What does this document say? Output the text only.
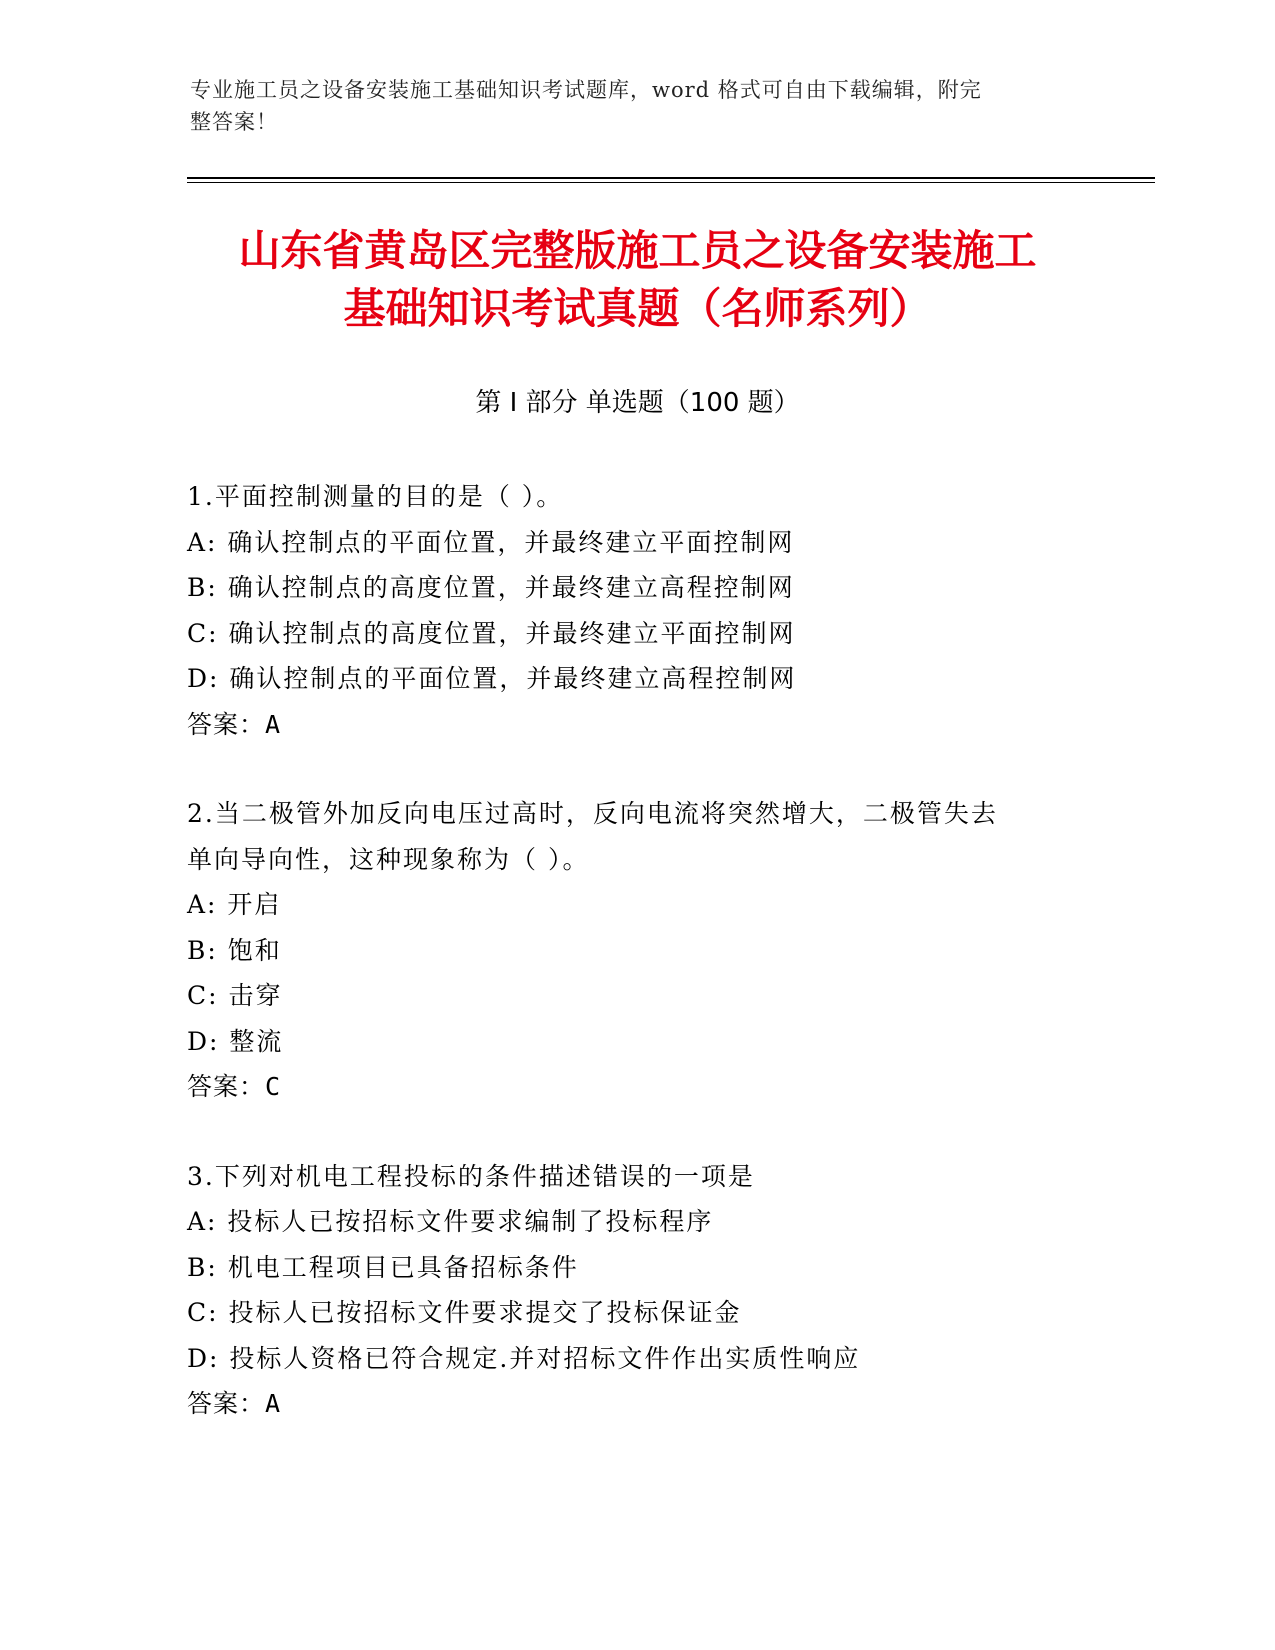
专业施工员之设备安装施工基础知识考试题库，word 格式可自由下载编辑，附完
整答案！
山东省黄岛区完整版施工员之设备安装施工
基础知识考试真题（名师系列）
第 I 部分 单选题（100 题）
1.平面控制测量的目的是（ ）。
A: 确认控制点的平面位置，并最终建立平面控制网
B: 确认控制点的高度位置，并最终建立高程控制网
C: 确认控制点的高度位置，并最终建立平面控制网
D: 确认控制点的平面位置，并最终建立高程控制网
答案：A
2.当二极管外加反向电压过高时，反向电流将突然增大，二极管失去
单向导向性，这种现象称为（ ）。
A: 开启
B: 饱和
C: 击穿
D: 整流
答案：C
3.下列对机电工程投标的条件描述错误的一项是
A: 投标人已按招标文件要求编制了投标程序
B: 机电工程项目已具备招标条件
C: 投标人已按招标文件要求提交了投标保证金
D: 投标人资格已符合规定.并对招标文件作出实质性响应
答案：A
